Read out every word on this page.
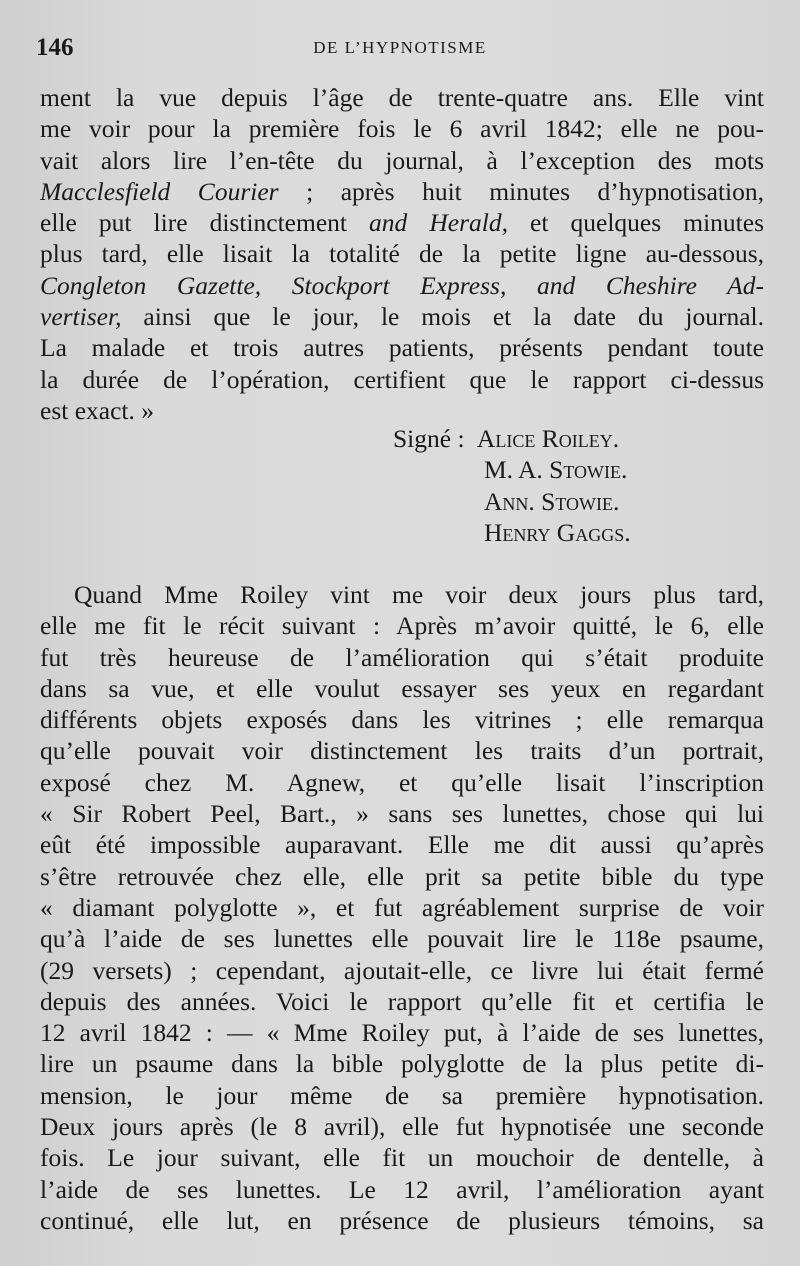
146	DE L’HYPNOTISME
ment la vue depuis l’âge de trente-quatre ans. Elle vint
me voir pour la première fois le 6 avril 1842; elle ne pou-
vait alors lire l’en-tête du journal, à l’exception des mots
Macclesfield Courier ; après huit minutes d’hypnotisation,
elle put lire distinctement and Herald, et quelques minutes
plus tard, elle lisait la totalité de la petite ligne au-dessous,
Congleton Gazette, Stockport Express, and Cheshire Ad-
vertiser, ainsi que le jour, le mois et la date du journal.
La malade et trois autres patients, présents pendant toute
la durée de l’opération, certifient que le rapport ci-dessus
est exact. »
Signé : Alice Roiley.
M. A. Stowie.
Ann. Stowie.
Henry Gaggs.
Quand Mme Roiley vint me voir deux jours plus tard,
elle me fit le récit suivant : Après m’avoir quitté, le 6, elle
fut très heureuse de l’amélioration qui s’était produite
dans sa vue, et elle voulut essayer ses yeux en regardant
différents objets exposés dans les vitrines ; elle remarqua
qu’elle pouvait voir distinctement les traits d’un portrait,
exposé chez M. Agnew, et qu’elle lisait l’inscription
« Sir Robert Peel, Bart., » sans ses lunettes, chose qui lui
eût été impossible auparavant. Elle me dit aussi qu’après
s’être retrouvée chez elle, elle prit sa petite bible du type
« diamant polyglotte », et fut agréablement surprise de voir
qu’à l’aide de ses lunettes elle pouvait lire le 118e psaume,
(29 versets) ; cependant, ajoutait-elle, ce livre lui était fermé
depuis des années. Voici le rapport qu’elle fit et certifia le
12 avril 1842 : — « Mme Roiley put, à l’aide de ses lunettes,
lire un psaume dans la bible polyglotte de la plus petite di-
mension, le jour même de sa première hypnotisation.
Deux jours après (le 8 avril), elle fut hypnotisée une seconde
fois. Le jour suivant, elle fit un mouchoir de dentelle, à
l’aide de ses lunettes. Le 12 avril, l’amélioration ayant
continué, elle lut, en présence de plusieurs témoins, sa
